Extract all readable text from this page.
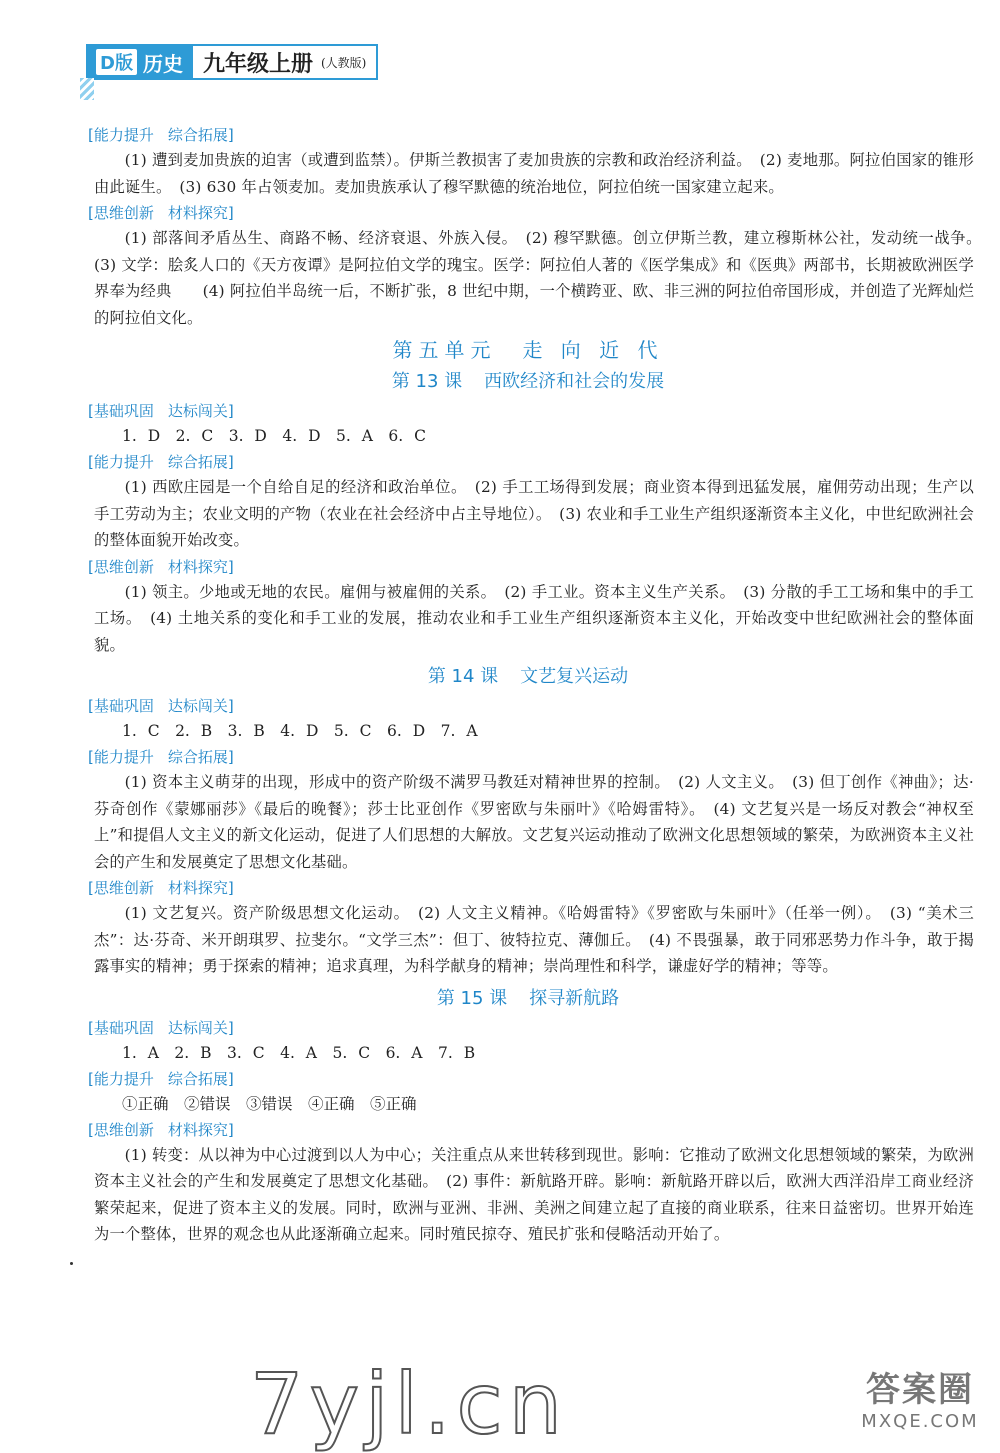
D版 历史 九年级上册 (人教版)
[能力提升 综合拓展]

(1) 遭到麦加贵族的迫害（或遭到监禁）。伊斯兰教损害了麦加贵族的宗教和政治经济利益。　(2) 麦地那。阿拉伯国家的锥形由此诞生。　(3) 630 年占领麦加。麦加贵族承认了穆罕默德的统治地位，阿拉伯统一国家建立起来。

[思维创新 材料探究]

(1) 部落间矛盾丛生、商路不畅、经济衰退、外族入侵。　(2) 穆罕默德。创立伊斯兰教，建立穆斯林公社，发动统一战争。　(3) 文学：脍炙人口的《天方夜谭》是阿拉伯文学的瑰宝。医学：阿拉伯人著的《医学集成》和《医典》两部书，长期被欧洲医学界奉为经典　　(4) 阿拉伯半岛统一后，不断扩张，8 世纪中期，一个横跨亚、欧、非三洲的阿拉伯帝国形成，并创造了光辉灿烂的阿拉伯文化。

第五单元　走 向 近 代
第 13 课 西欧经济和社会的发展
[基础巩固 达标闯关]
1. D　2. C　3. D　4. D　5. A　6. C
[能力提升 综合拓展]

(1) 西欧庄园是一个自给自足的经济和政治单位。　(2) 手工工场得到发展；商业资本得到迅猛发展，雇佣劳动出现；生产以手工劳动为主；农业文明的产物（农业在社会经济中占主导地位）。　(3) 农业和手工业生产组织逐渐资本主义化，中世纪欧洲社会的整体面貌开始改变。

[思维创新 材料探究]

(1) 领主。少地或无地的农民。雇佣与被雇佣的关系。　(2) 手工业。资本主义生产关系。　(3) 分散的手工工场和集中的手工工场。　(4) 土地关系的变化和手工业的发展，推动农业和手工业生产组织逐渐资本主义化，开始改变中世纪欧洲社会的整体面貌。

第 14 课 文艺复兴运动
[基础巩固 达标闯关]
1. C　2. B　3. B　4. D　5. C　6. D　7. A
[能力提升 综合拓展]

(1) 资本主义萌芽的出现，形成中的资产阶级不满罗马教廷对精神世界的控制。　(2) 人文主义。　(3) 但丁创作《神曲》；达·芬奇创作《蒙娜丽莎》《最后的晚餐》；莎士比亚创作《罗密欧与朱丽叶》《哈姆雷特》。　(4) 文艺复兴是一场反对教会“神权至上”和提倡人文主义的新文化运动，促进了人们思想的大解放。文艺复兴运动推动了欧洲文化思想领域的繁荣，为欧洲资本主义社会的产生和发展奠定了思想文化基础。

[思维创新 材料探究]

(1) 文艺复兴。资产阶级思想文化运动。　(2) 人文主义精神。《哈姆雷特》《罗密欧与朱丽叶》（任举一例）。　(3) “美术三杰”：达·芬奇、米开朗琪罗、拉斐尔。“文学三杰”：但丁、彼特拉克、薄伽丘。　(4) 不畏强暴，敢于同邪恶势力作斗争，敢于揭露事实的精神；勇于探索的精神；追求真理，为科学献身的精神；崇尚理性和科学，谦虚好学的精神；等等。

第 15 课 探寻新航路
[基础巩固 达标闯关]
1. A　2. B　3. C　4. A　5. C　6. A　7. B
[能力提升 综合拓展]
①正确　②错误　③错误　④正确　⑤正确
[思维创新 材料探究]

(1) 转变：从以神为中心过渡到以人为中心；关注重点从来世转移到现世。影响：它推动了欧洲文化思想领域的繁荣，为欧洲资本主义社会的产生和发展奠定了思想文化基础。　(2) 事件：新航路开辟。影响：新航路开辟以后，欧洲大西洋沿岸工商业经济繁荣起来，促进了资本主义的发展。同时，欧洲与亚洲、非洲、美洲之间建立起了直接的商业联系，往来日益密切。世界开始连为一个整体，世界的观念也从此逐渐确立起来。同时殖民掠夺、殖民扩张和侵略活动开始了。

7yjl.cn	答案圈
MXQE.COM
